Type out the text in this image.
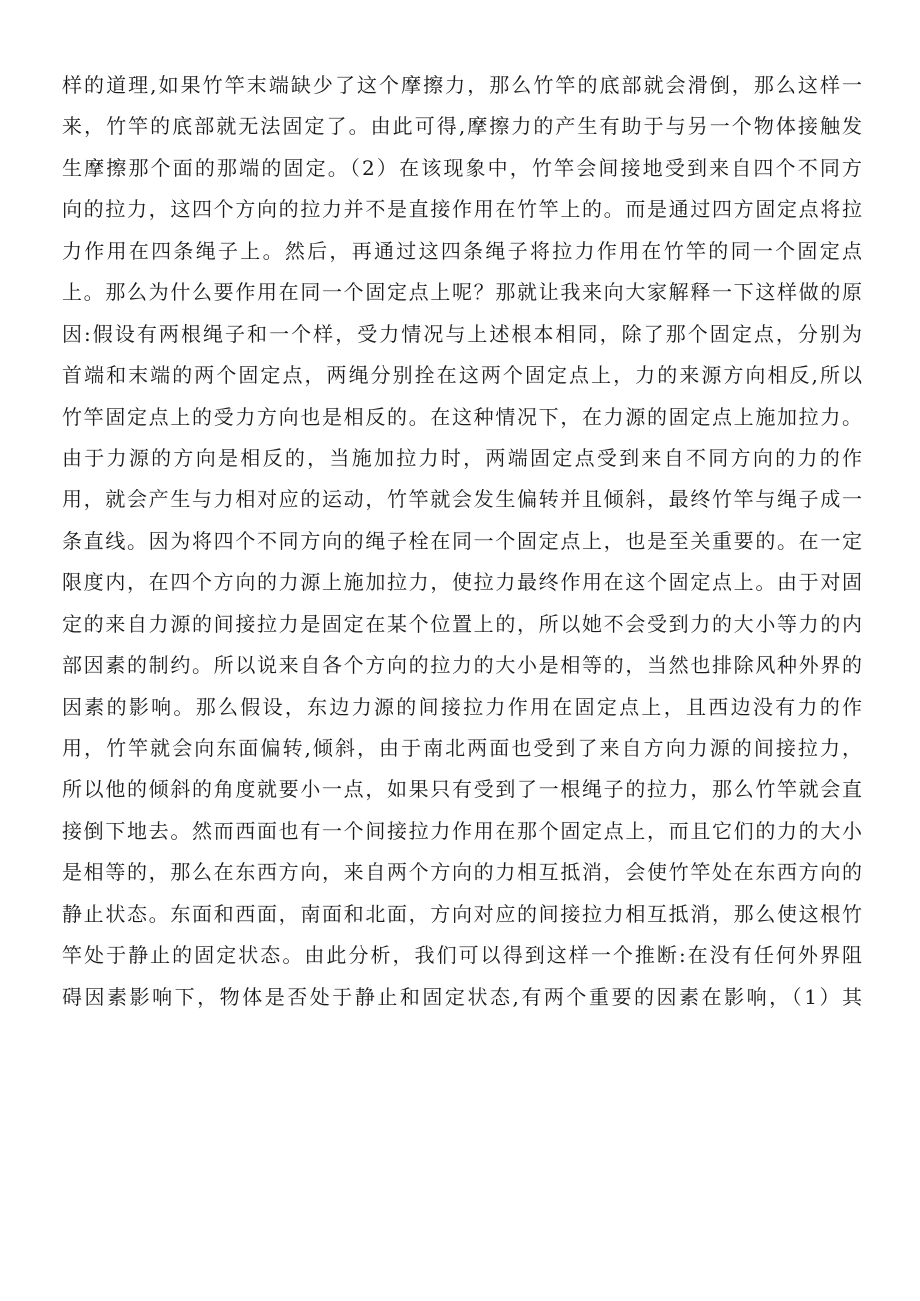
样的道理,如果竹竿末端缺少了这个摩擦力，那么竹竿的底部就会滑倒，那么这样一
来，竹竿的底部就无法固定了。由此可得,摩擦力的产生有助于与另一个物体接触发
生摩擦那个面的那端的固定。（2）在该现象中，竹竿会间接地受到来自四个不同方
向的拉力，这四个方向的拉力并不是直接作用在竹竿上的。而是通过四方固定点将拉
力作用在四条绳子上。然后，再通过这四条绳子将拉力作用在竹竿的同一个固定点
上。那么为什么要作用在同一个固定点上呢？那就让我来向大家解释一下这样做的原
因:假设有两根绳子和一个样，受力情况与上述根本相同，除了那个固定点，分别为
首端和末端的两个固定点，两绳分别拴在这两个固定点上，力的来源方向相反,所以
竹竿固定点上的受力方向也是相反的。在这种情况下，在力源的固定点上施加拉力。
由于力源的方向是相反的，当施加拉力时，两端固定点受到来自不同方向的力的作
用，就会产生与力相对应的运动，竹竿就会发生偏转并且倾斜，最终竹竿与绳子成一
条直线。因为将四个不同方向的绳子栓在同一个固定点上，也是至关重要的。在一定
限度内，在四个方向的力源上施加拉力，使拉力最终作用在这个固定点上。由于对固
定的来自力源的间接拉力是固定在某个位置上的，所以她不会受到力的大小等力的内
部因素的制约。所以说来自各个方向的拉力的大小是相等的，当然也排除风种外界的
因素的影响。那么假设，东边力源的间接拉力作用在固定点上，且西边没有力的作
用，竹竿就会向东面偏转,倾斜，由于南北两面也受到了来自方向力源的间接拉力，
所以他的倾斜的角度就要小一点，如果只有受到了一根绳子的拉力，那么竹竿就会直
接倒下地去。然而西面也有一个间接拉力作用在那个固定点上，而且它们的力的大小
是相等的，那么在东西方向，来自两个方向的力相互抵消，会使竹竿处在东西方向的
静止状态。东面和西面，南面和北面，方向对应的间接拉力相互抵消，那么使这根竹
竿处于静止的固定状态。由此分析，我们可以得到这样一个推断:在没有任何外界阻
碍因素影响下，物体是否处于静止和固定状态,有两个重要的因素在影响，（1）其
